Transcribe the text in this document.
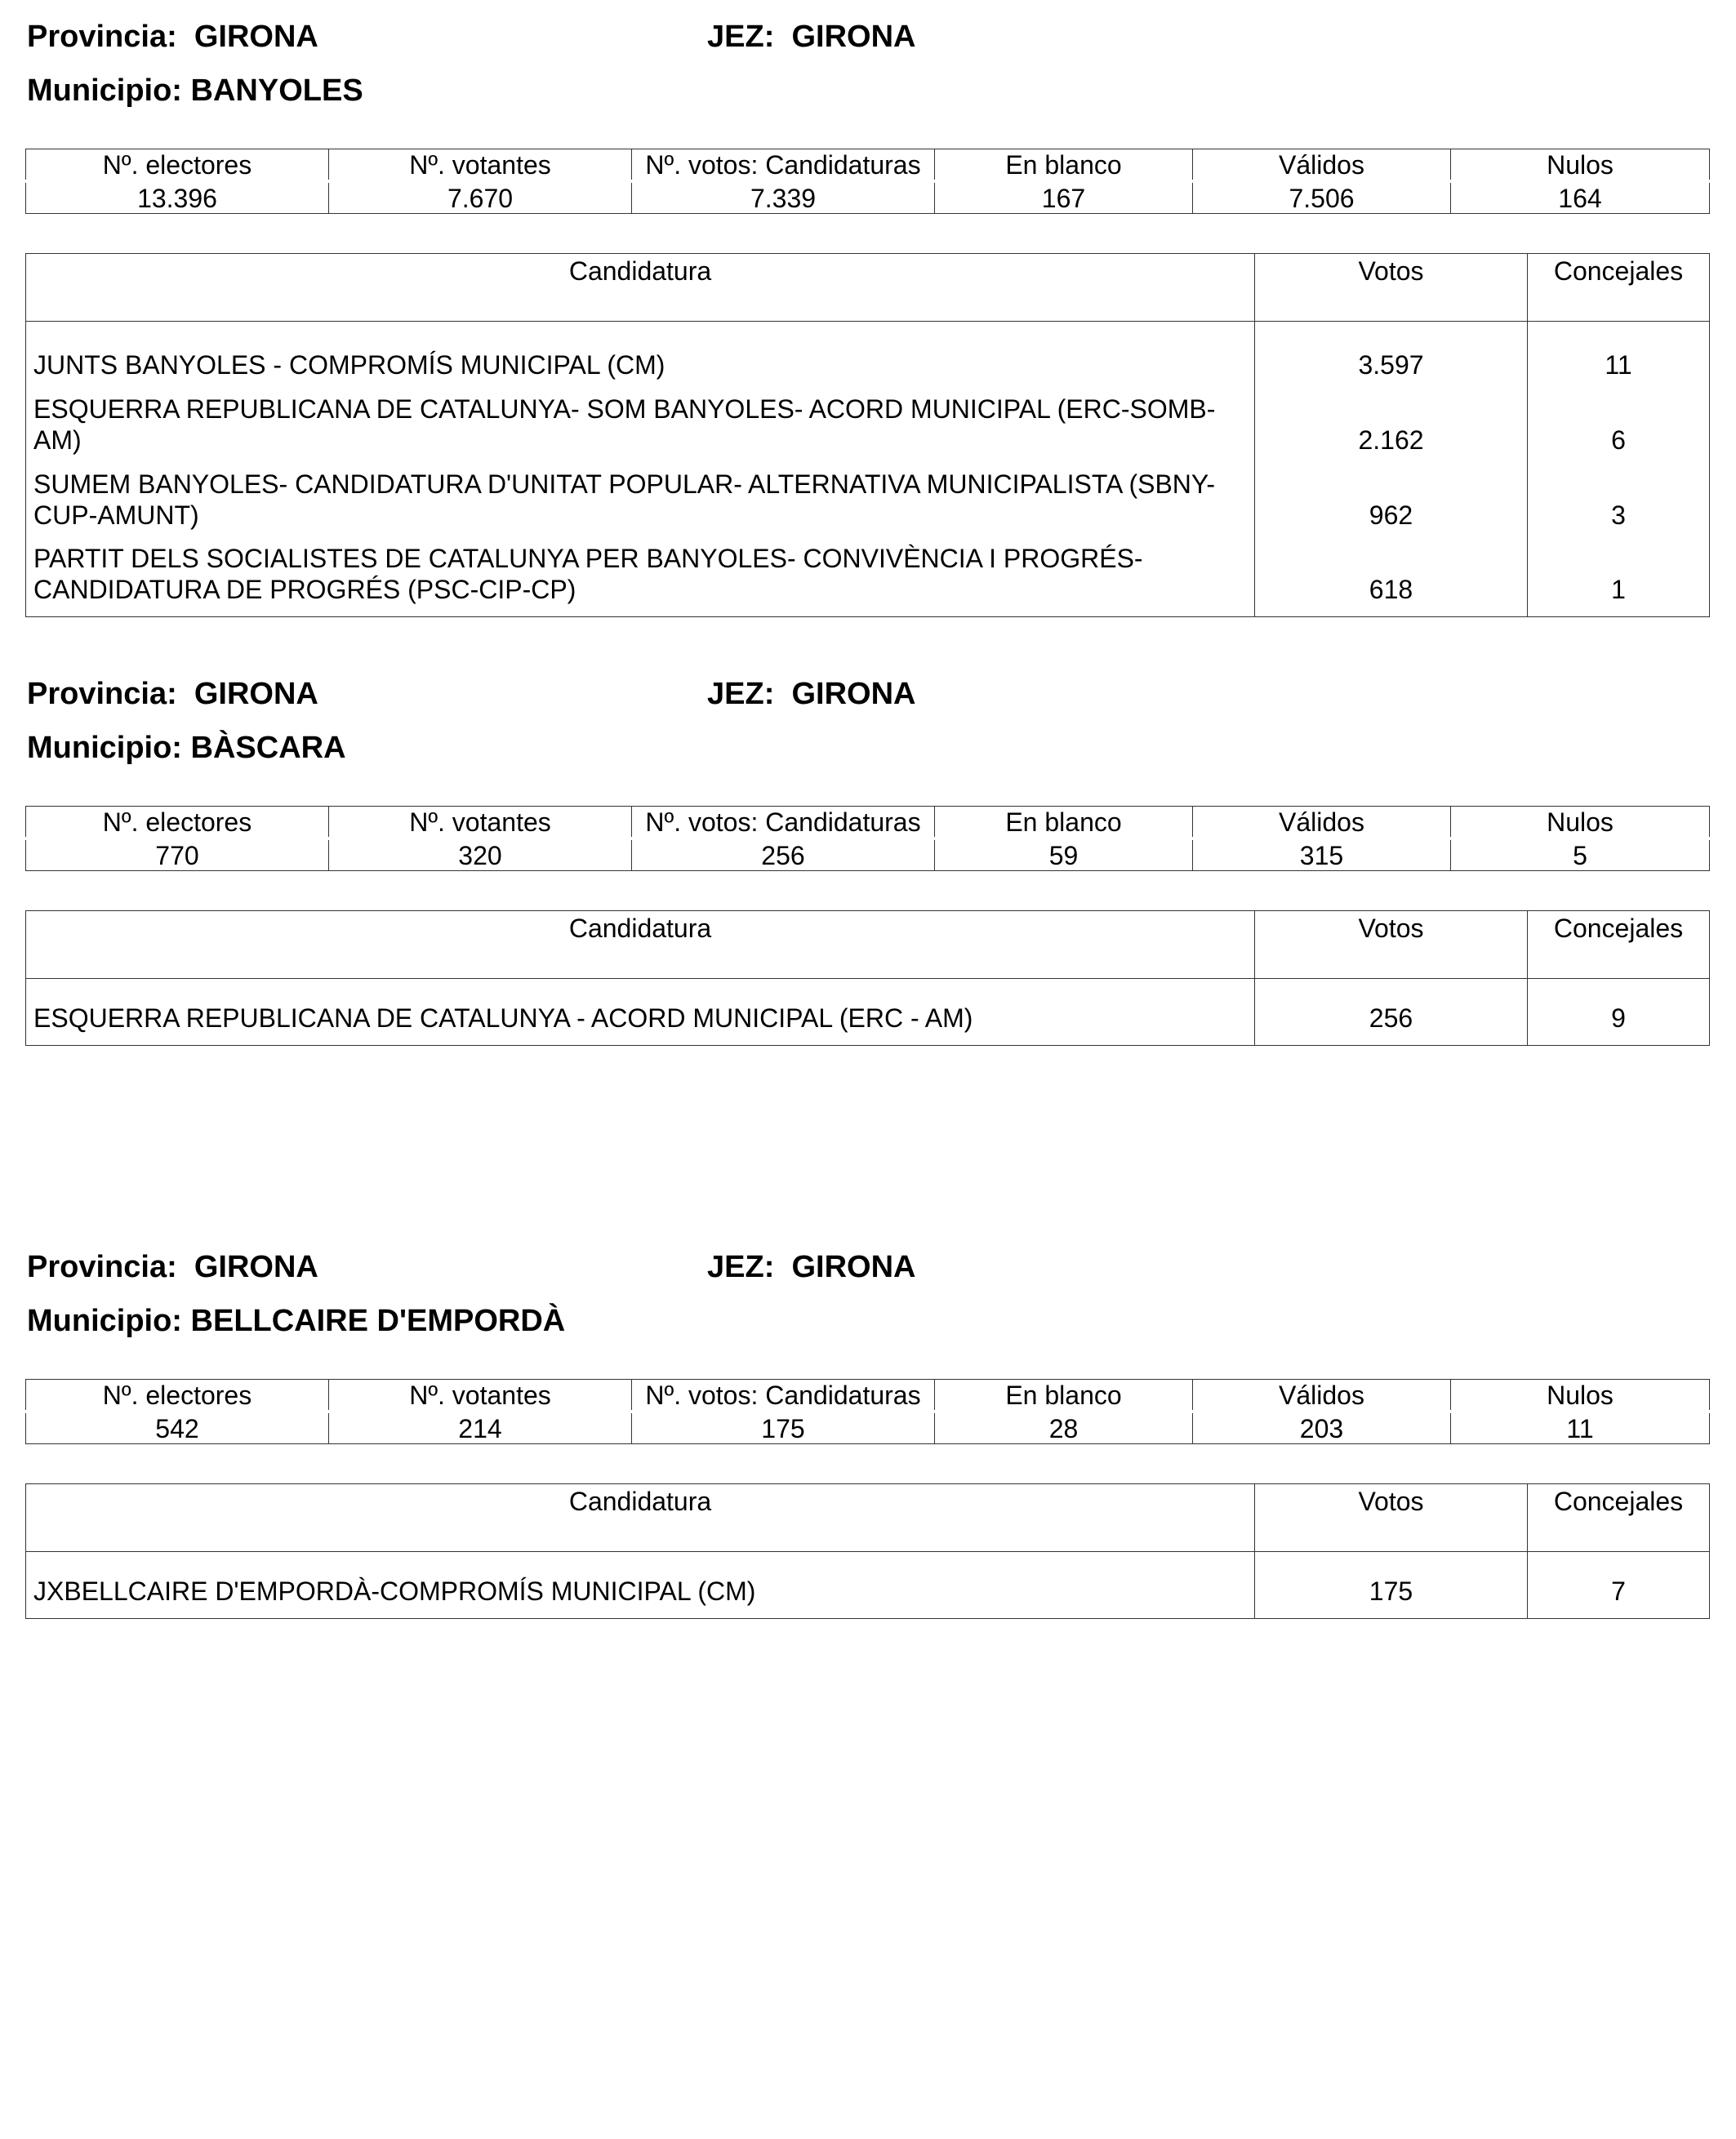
Provincia: GIRONA	JEZ: GIRONA
Municipio: BANYOLES
Nº. electores	Nº. votantes	Nº. votos: Candidaturas	En blanco	Válidos	Nulos
13.396	7.670	7.339	167	7.506	164
Candidatura	Votos	Concejales
JUNTS BANYOLES - COMPROMÍS MUNICIPAL (CM)	3.597	11
ESQUERRA REPUBLICANA DE CATALUNYA- SOM BANYOLES- ACORD MUNICIPAL (ERC-SOMB-AM)	2.162	6
SUMEM BANYOLES- CANDIDATURA D'UNITAT POPULAR- ALTERNATIVA MUNICIPALISTA (SBNY-CUP-AMUNT)	962	3
PARTIT DELS SOCIALISTES DE CATALUNYA PER BANYOLES- CONVIVÈNCIA I PROGRÉS-CANDIDATURA DE PROGRÉS (PSC-CIP-CP)	618	1
Provincia: GIRONA	JEZ: GIRONA
Municipio: BÀSCARA
Nº. electores	Nº. votantes	Nº. votos: Candidaturas	En blanco	Válidos	Nulos
770	320	256	59	315	5
Candidatura	Votos	Concejales
ESQUERRA REPUBLICANA DE CATALUNYA - ACORD MUNICIPAL (ERC - AM)	256	9
Provincia: GIRONA	JEZ: GIRONA
Municipio: BELLCAIRE D'EMPORDÀ
Nº. electores	Nº. votantes	Nº. votos: Candidaturas	En blanco	Válidos	Nulos
542	214	175	28	203	11
Candidatura	Votos	Concejales
JXBELLCAIRE D'EMPORDÀ-COMPROMÍS MUNICIPAL (CM)	175	7
